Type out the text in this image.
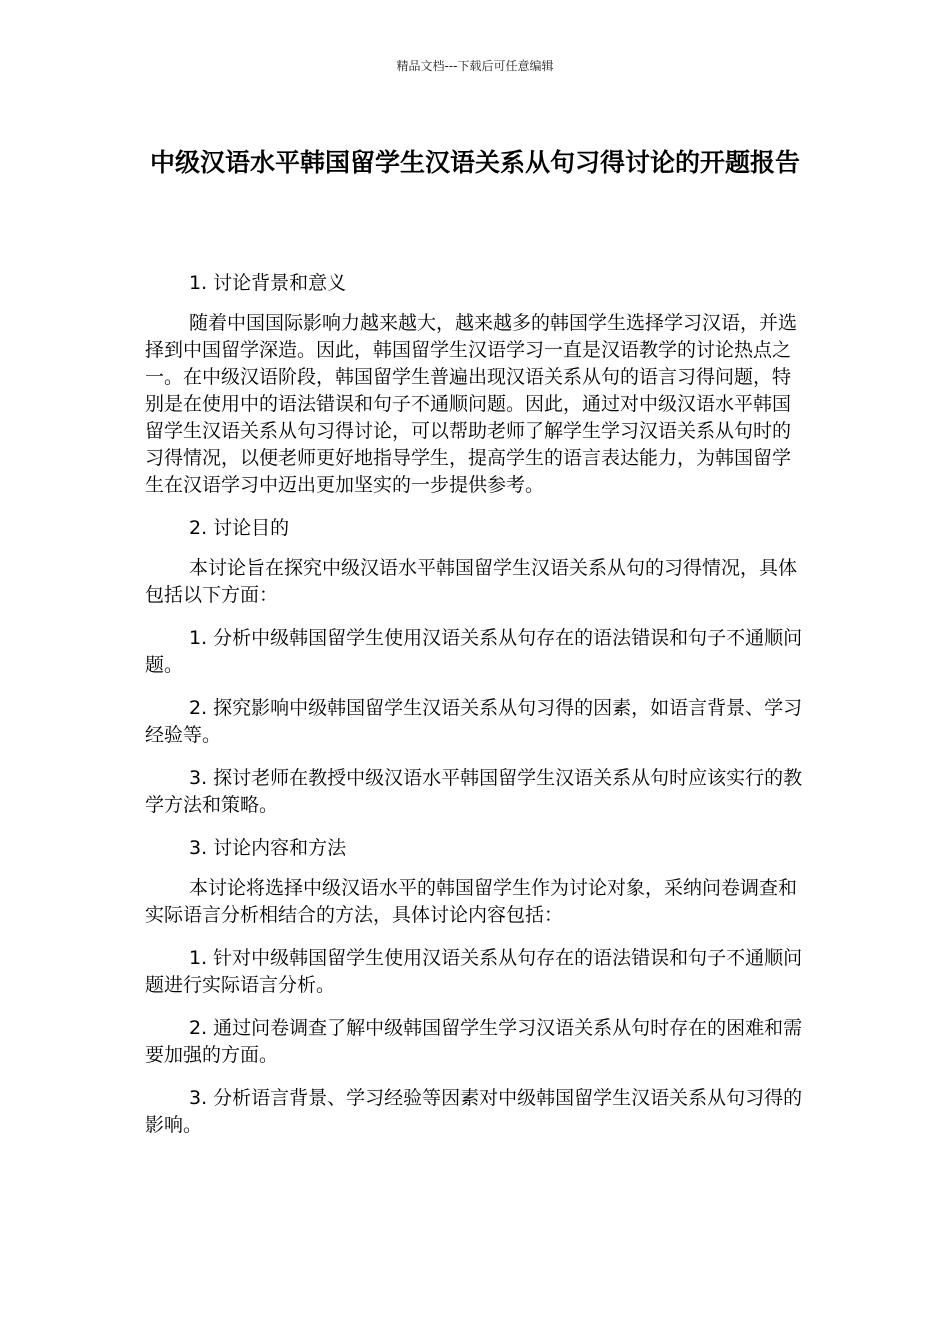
精品文档---下载后可任意编辑
中级汉语水平韩国留学生汉语关系从句习得讨论的开题报告

1. 讨论背景和意义

随着中国国际影响力越来越大，越来越多的韩国学生选择学习汉语，并选择到中国留学深造。因此，韩国留学生汉语学习一直是汉语教学的讨论热点之一。在中级汉语阶段，韩国留学生普遍出现汉语关系从句的语言习得问题，特别是在使用中的语法错误和句子不通顺问题。因此，通过对中级汉语水平韩国留学生汉语关系从句习得讨论，可以帮助老师了解学生学习汉语关系从句时的习得情况，以便老师更好地指导学生，提高学生的语言表达能力，为韩国留学生在汉语学习中迈出更加坚实的一步提供参考。

2. 讨论目的

本讨论旨在探究中级汉语水平韩国留学生汉语关系从句的习得情况，具体包括以下方面：

1. 分析中级韩国留学生使用汉语关系从句存在的语法错误和句子不通顺问题。

2. 探究影响中级韩国留学生汉语关系从句习得的因素，如语言背景、学习经验等。

3. 探讨老师在教授中级汉语水平韩国留学生汉语关系从句时应该实行的教学方法和策略。

3. 讨论内容和方法

本讨论将选择中级汉语水平的韩国留学生作为讨论对象，采纳问卷调查和实际语言分析相结合的方法，具体讨论内容包括：

1. 针对中级韩国留学生使用汉语关系从句存在的语法错误和句子不通顺问题进行实际语言分析。

2. 通过问卷调查了解中级韩国留学生学习汉语关系从句时存在的困难和需要加强的方面。

3. 分析语言背景、学习经验等因素对中级韩国留学生汉语关系从句习得的影响。
